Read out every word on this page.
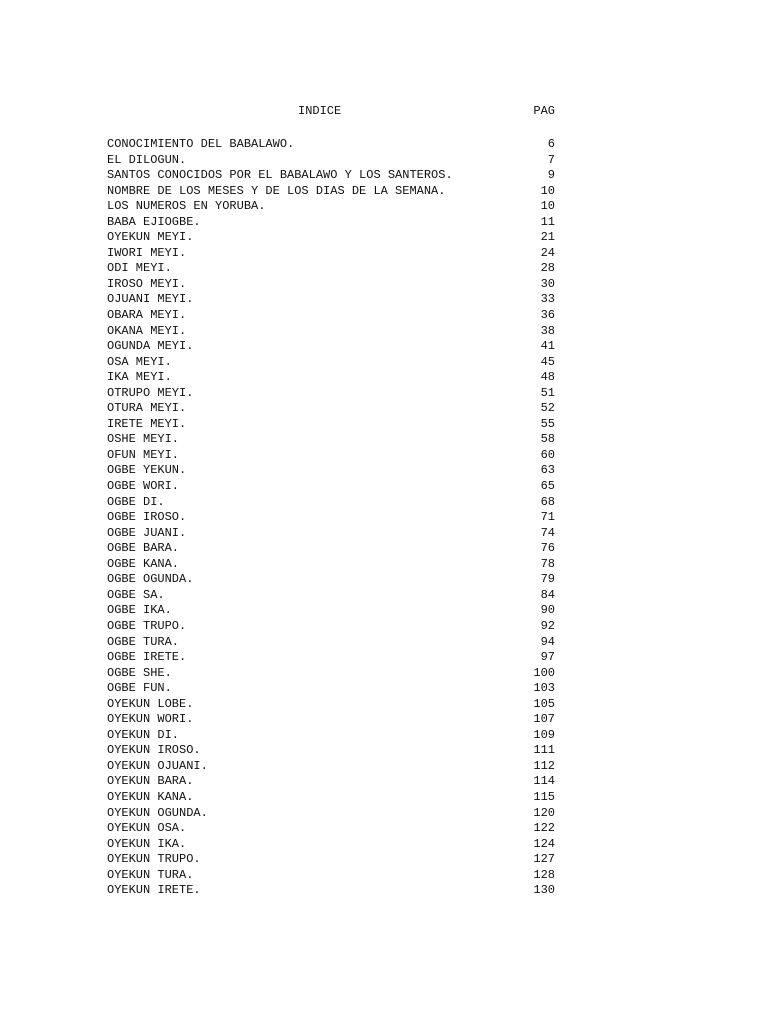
INDICE	PAG
CONOCIMIENTO DEL BABALAWO.	6
EL DILOGUN.	7
SANTOS CONOCIDOS POR EL BABALAWO Y LOS SANTEROS.	9
NOMBRE DE LOS MESES Y DE LOS DIAS DE LA SEMANA.	10
LOS NUMEROS EN YORUBA.	10
BABA EJIOGBE.	11
OYEKUN MEYI.	21
IWORI MEYI.	24
ODI MEYI.	28
IROSO MEYI.	30
OJUANI MEYI.	33
OBARA MEYI.	36
OKANA MEYI.	38
OGUNDA MEYI.	41
OSA MEYI.	45
IKA MEYI.	48
OTRUPO MEYI.	51
OTURA MEYI.	52
IRETE MEYI.	55
OSHE MEYI.	58
OFUN MEYI.	60
OGBE YEKUN.	63
OGBE WORI.	65
OGBE DI.	68
OGBE IROSO.	71
OGBE JUANI.	74
OGBE BARA.	76
OGBE KANA.	78
OGBE OGUNDA.	79
OGBE SA.	84
OGBE IKA.	90
OGBE TRUPO.	92
OGBE TURA.	94
OGBE IRETE.	97
OGBE SHE.	100
OGBE FUN.	103
OYEKUN LOBE.	105
OYEKUN WORI.	107
OYEKUN DI.	109
OYEKUN IROSO.	111
OYEKUN OJUANI.	112
OYEKUN BARA.	114
OYEKUN KANA.	115
OYEKUN OGUNDA.	120
OYEKUN OSA.	122
OYEKUN IKA.	124
OYEKUN TRUPO.	127
OYEKUN TURA.	128
OYEKUN IRETE.	130
